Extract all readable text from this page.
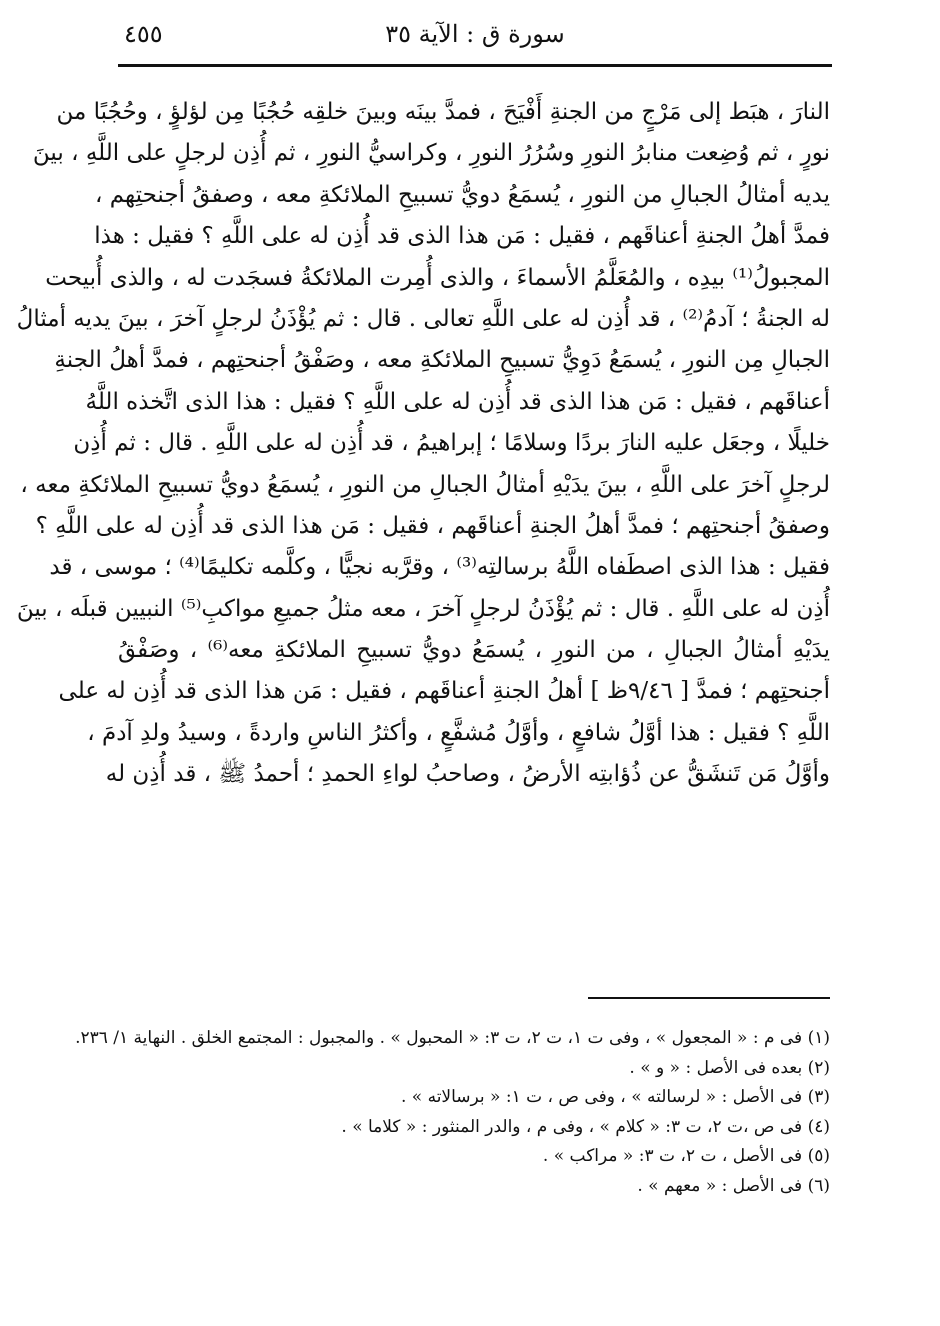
سورة ق : الآية ٣٥
٤٥٥
النارَ ، هبَط إلى مَرْجٍ من الجنةِ أَفْيَحَ ، فمدَّ بينَه وبينَ خلقِه حُجُبًا مِن لؤلؤٍ ، وحُجُبًا من
نورٍ ، ثم وُضِعت منابرُ النورِ وسُرُرُ النورِ ، وكراسيُّ النورِ ، ثم أُذِن لرجلٍ على اللَّهِ ، بينَ
يديه أمثالُ الجبالِ من النورِ ، يُسمَعُ دويُّ تسبيحِ الملائكةِ معه ، وصفقُ أجنحتِهم ،
فمدَّ أهلُ الجنةِ أعناقَهم ، فقيل : مَن هذا الذى قد أُذِن له على اللَّهِ ؟ فقيل : هذا
المجبولُ⁽¹⁾ بيدِه ، والمُعَلَّمُ الأسماءَ ، والذى أُمِرت الملائكةُ فسجَدت له ، والذى أُبيحت
له الجنةُ ؛ آدمُ⁽²⁾ ، قد أُذِن له على اللَّهِ تعالى . قال : ثم يُؤْذَنُ لرجلٍ آخرَ ، بينَ يديه أمثالُ
الجبالِ مِن النورِ ، يُسمَعُ دَوِيُّ تسبيحِ الملائكةِ معه ، وصَفْقُ أجنحتِهم ، فمدَّ أهلُ الجنةِ
أعناقَهم ، فقيل : مَن هذا الذى قد أُذِن له على اللَّهِ ؟ فقيل : هذا الذى اتَّخذه اللَّهُ
خليلًا ، وجعَل عليه النارَ بردًا وسلامًا ؛ إبراهيمُ ، قد أُذِن له على اللَّهِ . قال : ثم أُذِن
لرجلٍ آخرَ على اللَّهِ ، بينَ يدَيْهِ أمثالُ الجبالِ من النورِ ، يُسمَعُ دويُّ تسبيحِ الملائكةِ معه ،
وصفقُ أجنحتِهم ؛ فمدَّ أهلُ الجنةِ أعناقَهم ، فقيل : مَن هذا الذى قد أُذِن له على اللَّهِ ؟
فقيل : هذا الذى اصطَفاه اللَّهُ برسالتِه⁽³⁾ ، وقرَّبه نجيًّا ، وكلَّمه تكليمًا⁽⁴⁾ ؛ موسى ، قد
أُذِن له على اللَّهِ . قال : ثم يُؤْذَنُ لرجلٍ آخرَ ، معه مثلُ جميعِ مواكبِ⁽⁵⁾ النبيين قبلَه ، بينَ
يدَيْهِ أمثالُ الجبالِ ، من النورِ ، يُسمَعُ دويُّ تسبيحِ الملائكةِ معه⁽⁶⁾ ، وصَفْقُ
أجنحتِهم ؛ فمدَّ [ ٩/٤٦ظ ] أهلُ الجنةِ أعناقَهم ، فقيل : مَن هذا الذى قد أُذِن له على
اللَّهِ ؟ فقيل : هذا أوَّلُ شافعٍ ، وأوَّلُ مُشفَّعٍ ، وأكثرُ الناسِ واردةً ، وسيدُ ولدِ آدمَ ،
وأوَّلُ مَن تَنشَقُّ عن ذُؤابتِه الأرضُ ، وصاحبُ لواءِ الحمدِ ؛ أحمدُ ﷺ ، قد أُذِن له
(١) فى م : « المجعول » ، وفى ت ١، ت ٢، ت ٣: « المحبول » . والمجبول : المجتمع الخلق . النهاية ١/ ٢٣٦.
(٢) بعده فى الأصل : « و » .
(٣) فى الأصل : « لرسالته » ، وفى ص ، ت ١: « برسالاته » .
(٤) فى ص ،ت ٢، ت ٣: « كلام » ، وفى م ، والدر المنثور : « كلاما » .
(٥) فى الأصل ، ت ٢، ت ٣: « مراكب » .
(٦) فى الأصل : « معهم » .
